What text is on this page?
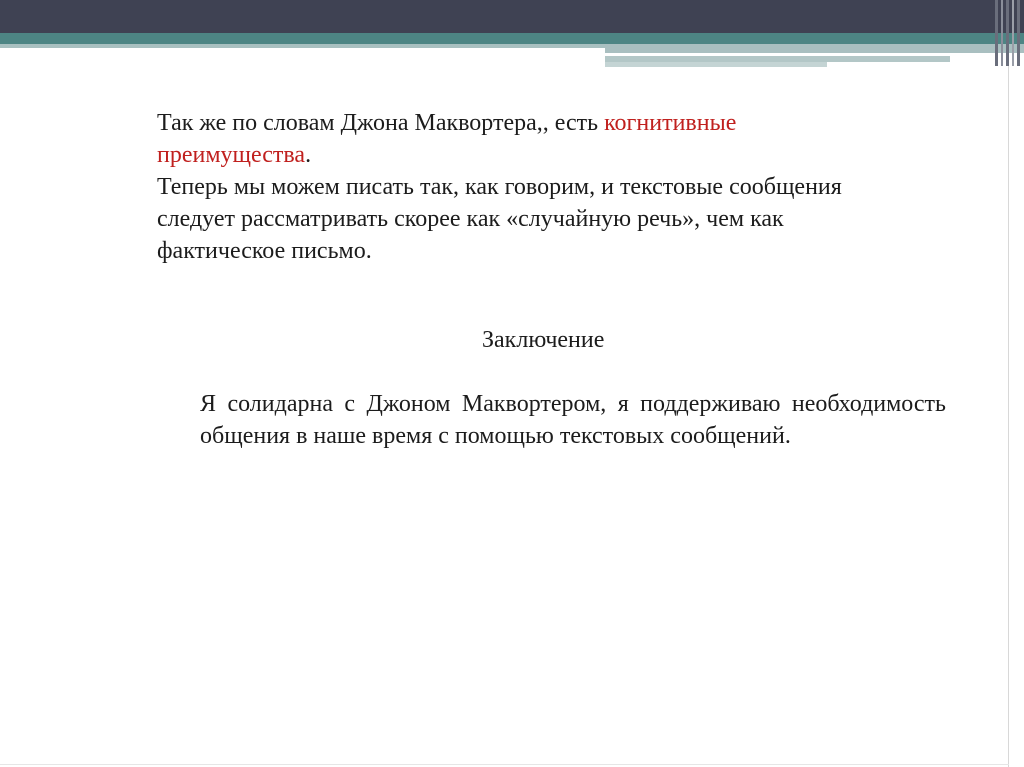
Так же по словам Джона Маквортера,, есть когнитивные преимущества.
Теперь мы можем писать так, как говорим, и текстовые сообщения следует рассматривать скорее как «случайную речь», чем как фактическое письмо.

Заключение

Я солидарна с Джоном Маквортером, я поддерживаю необходимость общения в наше время с помощью текстовых сообщений.
